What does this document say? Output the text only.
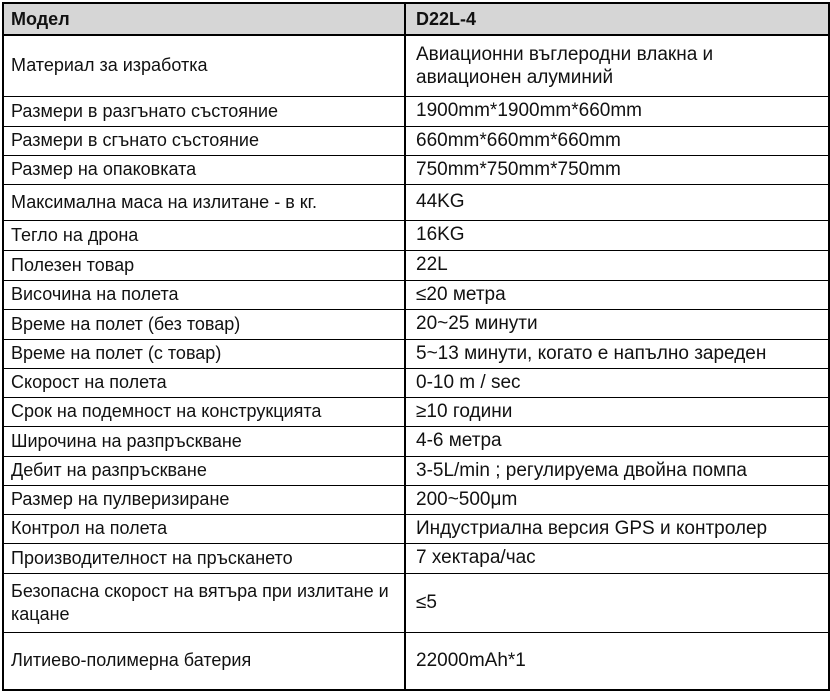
Модел	D22L-4
Материал за изработка	Авиационни въглеродни влакна и авиационен алуминий
Размери в разгънато състояние	1900mm*1900mm*660mm
Размери в сгънато състояние	660mm*660mm*660mm
Размер на опаковката	750mm*750mm*750mm
Максимална маса на излитане - в кг.	44KG
Тегло на дрона	16KG
Полезен товар	22L
Височина на полета	≤20 метра
Време на полет (без товар)	20~25 минути
Време на полет (с товар)	5~13 минути, когато е напълно зареден
Скорост на полета	0-10 m / sec
Срок на подемност на конструкцията	≥10 години
Широчина на разпръскване	4-6 метра
Дебит на разпръскване	3-5L/min ; регулируема двойна помпа
Размер на пулверизиране	200~500μm
Контрол на полета	Индустриална версия GPS и контролер
Производителност на пръскането	7 хектара/час
Безопасна скорост на вятъра при излитане и кацане	≤5
Литиево-полимерна батерия	22000mAh*1
